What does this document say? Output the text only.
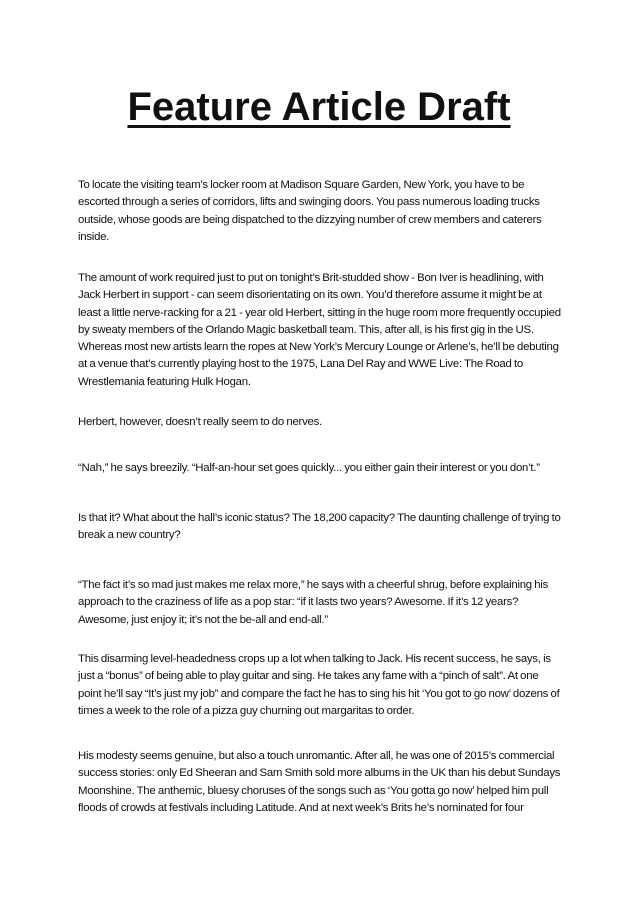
Feature Article Draft

To locate the visiting team’s locker room at Madison Square Garden, New York, you have to be escorted through a series of corridors, lifts and swinging doors. You pass numerous loading trucks outside, whose goods are being dispatched to the dizzying number of crew members and caterers inside.

The amount of work required just to put on tonight’s Brit-studded show - Bon Iver is headlining, with Jack Herbert in support - can seem disorientating on its own. You’d therefore assume it might be at least a little nerve-racking for a 21 - year old Herbert, sitting in the huge room more frequently occupied by sweaty members of the Orlando Magic basketball team. This, after all, is his first gig in the US. Whereas most new artists learn the ropes at New York’s Mercury Lounge or Arlene’s, he’ll be debuting at a venue that’s currently playing host to the 1975, Lana Del Ray and WWE Live: The Road to Wrestlemania featuring Hulk Hogan.

Herbert, however, doesn’t really seem to do nerves.

“Nah,” he says breezily. “Half-an-hour set goes quickly... you either gain their interest or you don’t.”

Is that it? What about the hall’s iconic status? The 18,200 capacity? The daunting challenge of trying to break a new country?

“The fact it’s so mad just makes me relax more,” he says with a cheerful shrug, before explaining his approach to the craziness of life as a pop star: “if it lasts two years? Awesome. If it’s 12 years? Awesome, just enjoy it; it’s not the be-all and end-all.”

This disarming level-headedness crops up a lot when talking to Jack. His recent success, he says, is just a “bonus” of being able to play guitar and sing. He takes any fame with a “pinch of salt”. At one point he’ll say “It’s just my job” and compare the fact he has to sing his hit ‘You got to go now’ dozens of times a week to the role of a pizza guy churning out margaritas to order.

His modesty seems genuine, but also a touch unromantic. After all, he was one of 2015’s commercial success stories: only Ed Sheeran and Sam Smith sold more albums in the UK than his debut Sundays Moonshine. The anthemic, bluesy choruses of the songs such as ‘You gotta go now’ helped him pull floods of crowds at festivals including Latitude. And at next week’s Brits he’s nominated for four
